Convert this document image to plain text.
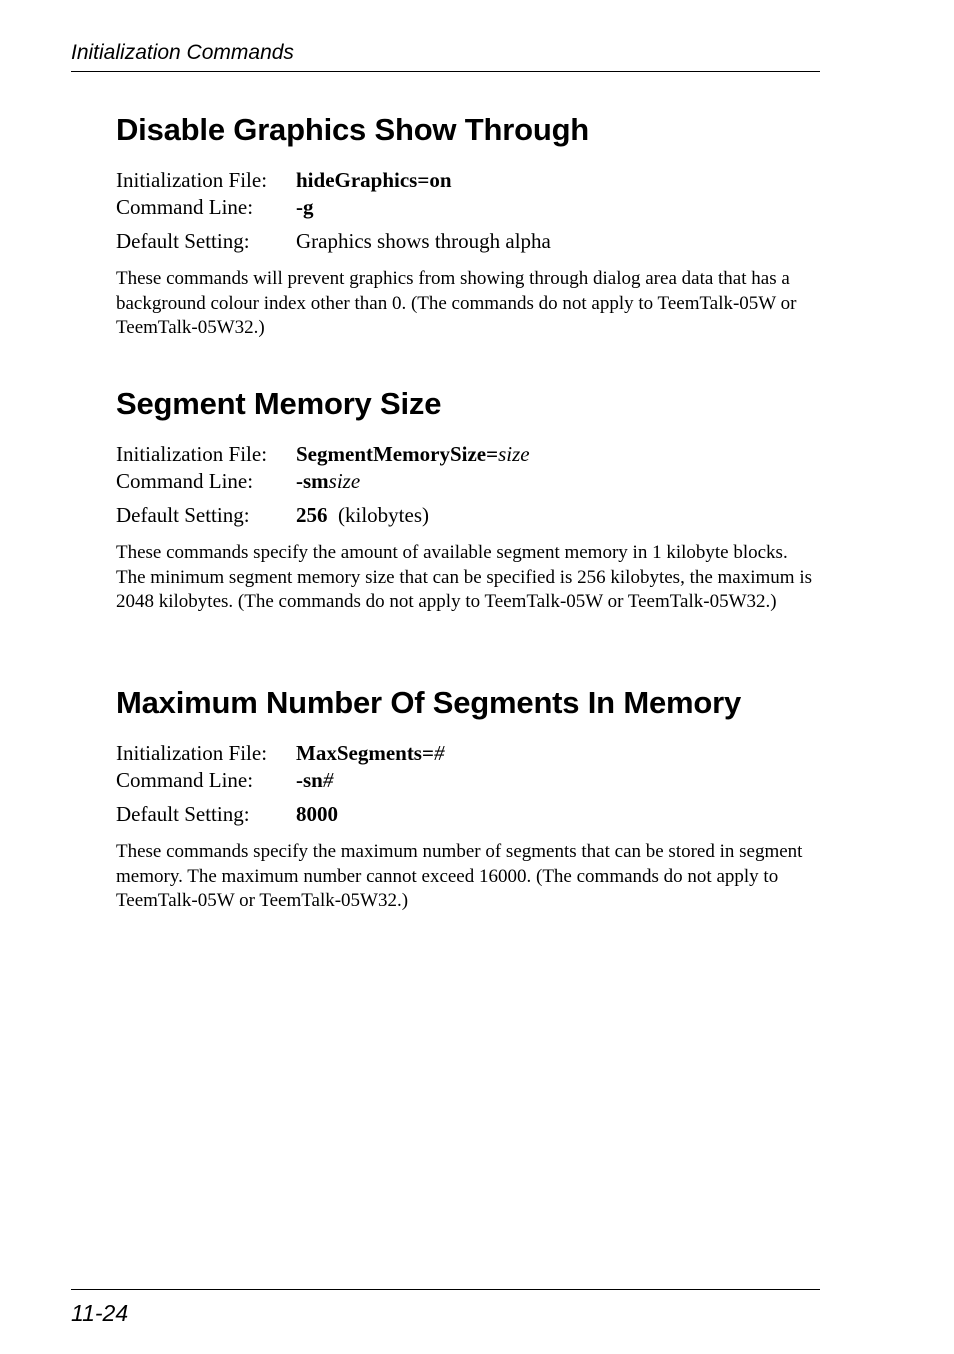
Initialization Commands
Disable Graphics Show Through
Initialization File: hideGraphics=on
Command Line: -g
Default Setting: Graphics shows through alpha

These commands will prevent graphics from showing through dialog area data that has a background colour index other than 0. (The commands do not apply to TeemTalk-05W or TeemTalk-05W32.)

Segment Memory Size
Initialization File: SegmentMemorySize=size
Command Line: -smsize
Default Setting: 256 (kilobytes)

These commands specify the amount of available segment memory in 1 kilobyte blocks. The minimum segment memory size that can be specified is 256 kilobytes, the maximum is 2048 kilobytes. (The commands do not apply to TeemTalk-05W or TeemTalk-05W32.)

Maximum Number Of Segments In Memory
Initialization File: MaxSegments=#
Command Line: -sn#
Default Setting: 8000

These commands specify the maximum number of segments that can be stored in segment memory. The maximum number cannot exceed 16000. (The commands do not apply to TeemTalk-05W or TeemTalk-05W32.)

11-24
